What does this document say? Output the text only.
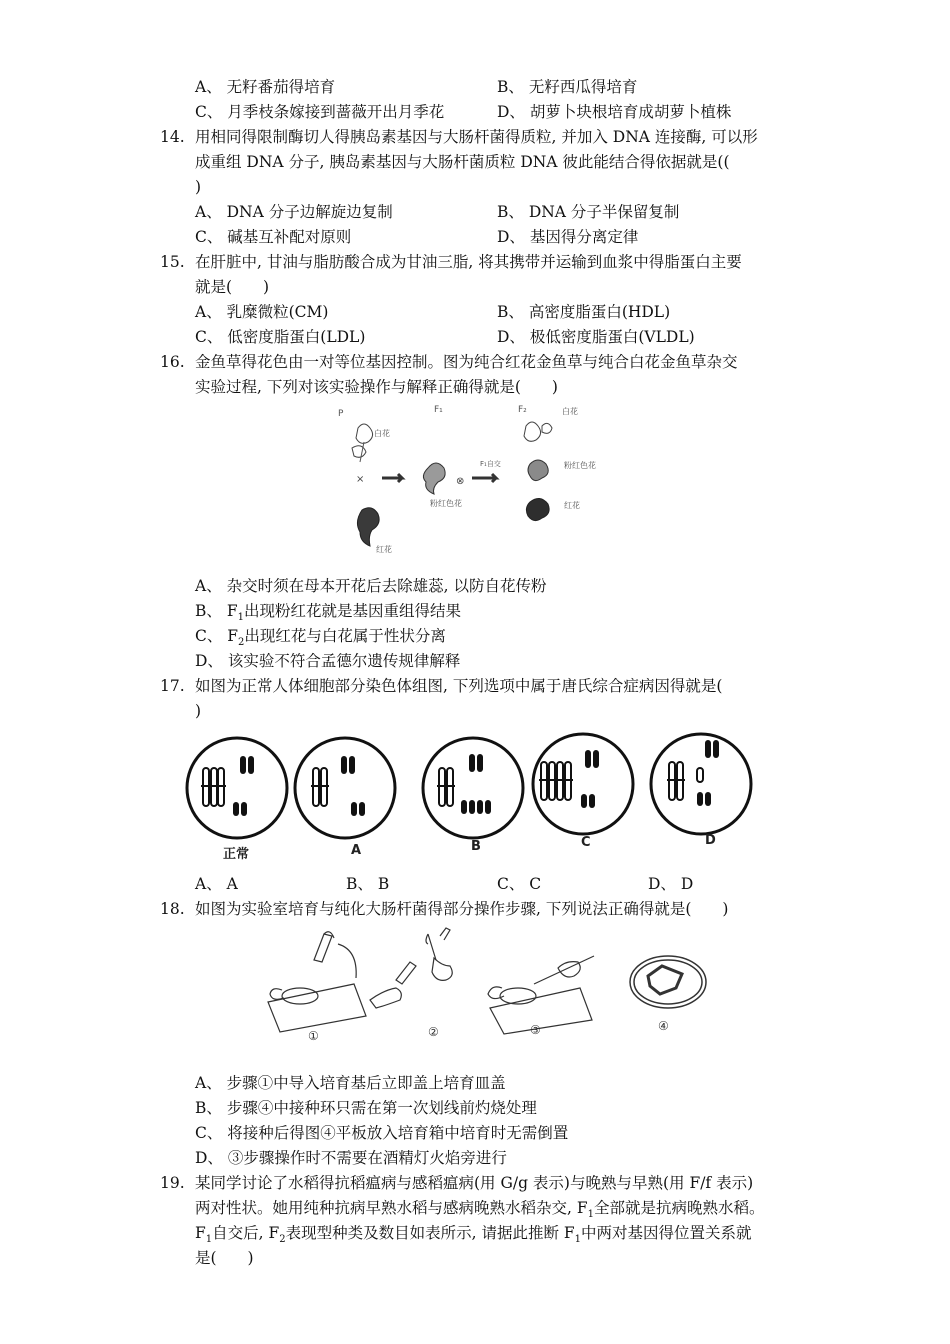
A、 无籽番茄得培育	B、 无籽西瓜得培育
C、 月季枝条嫁接到蔷薇开出月季花	D、 胡萝卜块根培育成胡萝卜植株
14. 用相同得限制酶切人得胰岛素基因与大肠杆菌得质粒, 并加入 DNA 连接酶, 可以形
成重组 DNA 分子, 胰岛素基因与大肠杆菌质粒 DNA 彼此能结合得依据就是((
)
A、 DNA 分子边解旋边复制	B、 DNA 分子半保留复制
C、 碱基互补配对原则	D、 基因得分离定律
15. 在肝脏中, 甘油与脂肪酸合成为甘油三脂, 将其携带并运输到血浆中得脂蛋白主要
就是(　　)
A、 乳糜微粒(CM)	B、 高密度脂蛋白(HDL)
C、 低密度脂蛋白(LDL)	D、 极低密度脂蛋白(VLDL)
16. 金鱼草得花色由一对等位基因控制。图为纯合红花金鱼草与纯合白花金鱼草杂交
实验过程, 下列对该实验操作与解释正确得就是(　　)
P	F₁	F₂
白花
×
红花
粉红色花
⊗
F₁自交
白花
粉红色花
红花
A、 杂交时须在母本开花后去除雄蕊, 以防自花传粉
B、 $F_1$出现粉红花就是基因重组得结果
C、 $F_2$出现红花与白花属于性状分离
D、 该实验不符合孟德尔遗传规律解释
17. 如图为正常人体细胞部分染色体组图, 下列选项中属于唐氏综合症病因得就是(
)
正常	A	B	C	D
A、 A	B、 B	C、 C	D、 D
18. 如图为实验室培育与纯化大肠杆菌得部分操作步骤, 下列说法正确得就是(　　)
①	②	③	④
A、 步骤①中导入培育基后立即盖上培育皿盖
B、 步骤④中接种环只需在第一次划线前灼烧处理
C、 将接种后得图④平板放入培育箱中培育时无需倒置
D、 ③步骤操作时不需要在酒精灯火焰旁进行
19. 某同学讨论了水稻得抗稻瘟病与感稻瘟病(用 G/g 表示)与晚熟与早熟(用 F/f 表示)
两对性状。她用纯种抗病早熟水稻与感病晚熟水稻杂交, $F_1$全部就是抗病晚熟水稻。
$F_1$自交后, $F_2$表现型种类及数目如表所示, 请据此推断 $F_1$中两对基因得位置关系就
是(　　)
